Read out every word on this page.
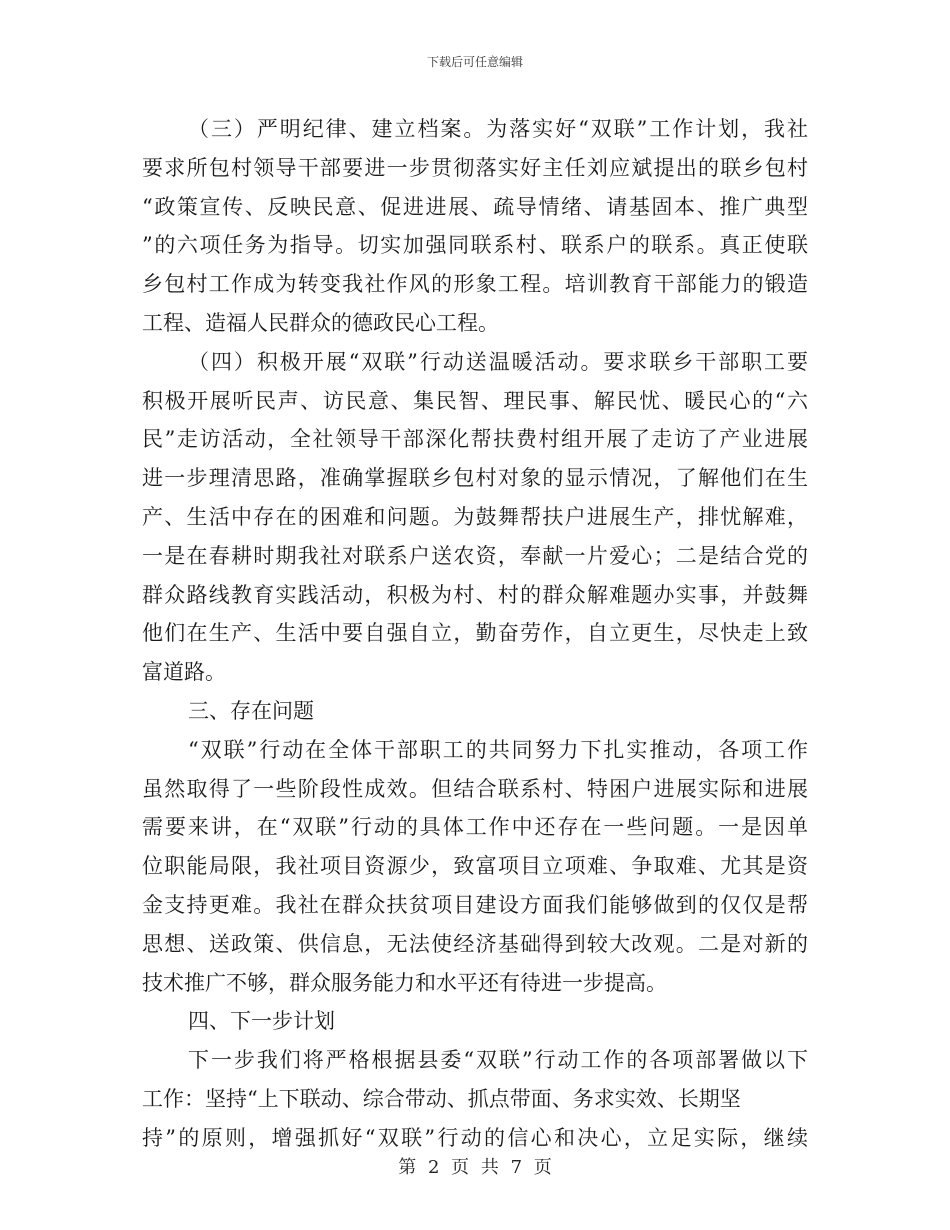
下载后可任意编辑
（三）严明纪律、建立档案。为落实好“双联”工作计划，我社
要求所包村领导干部要进一步贯彻落实好主任刘应斌提出的联乡包村
“政策宣传、反映民意、促进进展、疏导情绪、请基固本、推广典型
”的六项任务为指导。切实加强同联系村、联系户的联系。真正使联
乡包村工作成为转变我社作风的形象工程。培训教育干部能力的锻造
工程、造福人民群众的德政民心工程。
（四）积极开展“双联”行动送温暖活动。要求联乡干部职工要
积极开展听民声、访民意、集民智、理民事、解民忧、暖民心的“六
民”走访活动，全社领导干部深化帮扶费村组开展了走访了产业进展
进一步理清思路，准确掌握联乡包村对象的显示情况，了解他们在生
产、生活中存在的困难和问题。为鼓舞帮扶户进展生产，排忧解难，
一是在春耕时期我社对联系户送农资，奉献一片爱心；二是结合党的
群众路线教育实践活动，积极为村、村的群众解难题办实事，并鼓舞
他们在生产、生活中要自强自立，勤奋劳作，自立更生，尽快走上致
富道路。
三、存在问题
“双联”行动在全体干部职工的共同努力下扎实推动，各项工作
虽然取得了一些阶段性成效。但结合联系村、特困户进展实际和进展
需要来讲，在“双联”行动的具体工作中还存在一些问题。一是因单
位职能局限，我社项目资源少，致富项目立项难、争取难、尤其是资
金支持更难。我社在群众扶贫项目建设方面我们能够做到的仅仅是帮
思想、送政策、供信息，无法使经济基础得到较大改观。二是对新的
技术推广不够，群众服务能力和水平还有待进一步提高。
四、下一步计划
下一步我们将严格根据县委“双联”行动工作的各项部署做以下
工作：坚持“上下联动、综合带动、抓点带面、务求实效、长期坚
持”的原则，增强抓好“双联”行动的信心和决心，立足实际，继续
第 2 页 共 7 页
